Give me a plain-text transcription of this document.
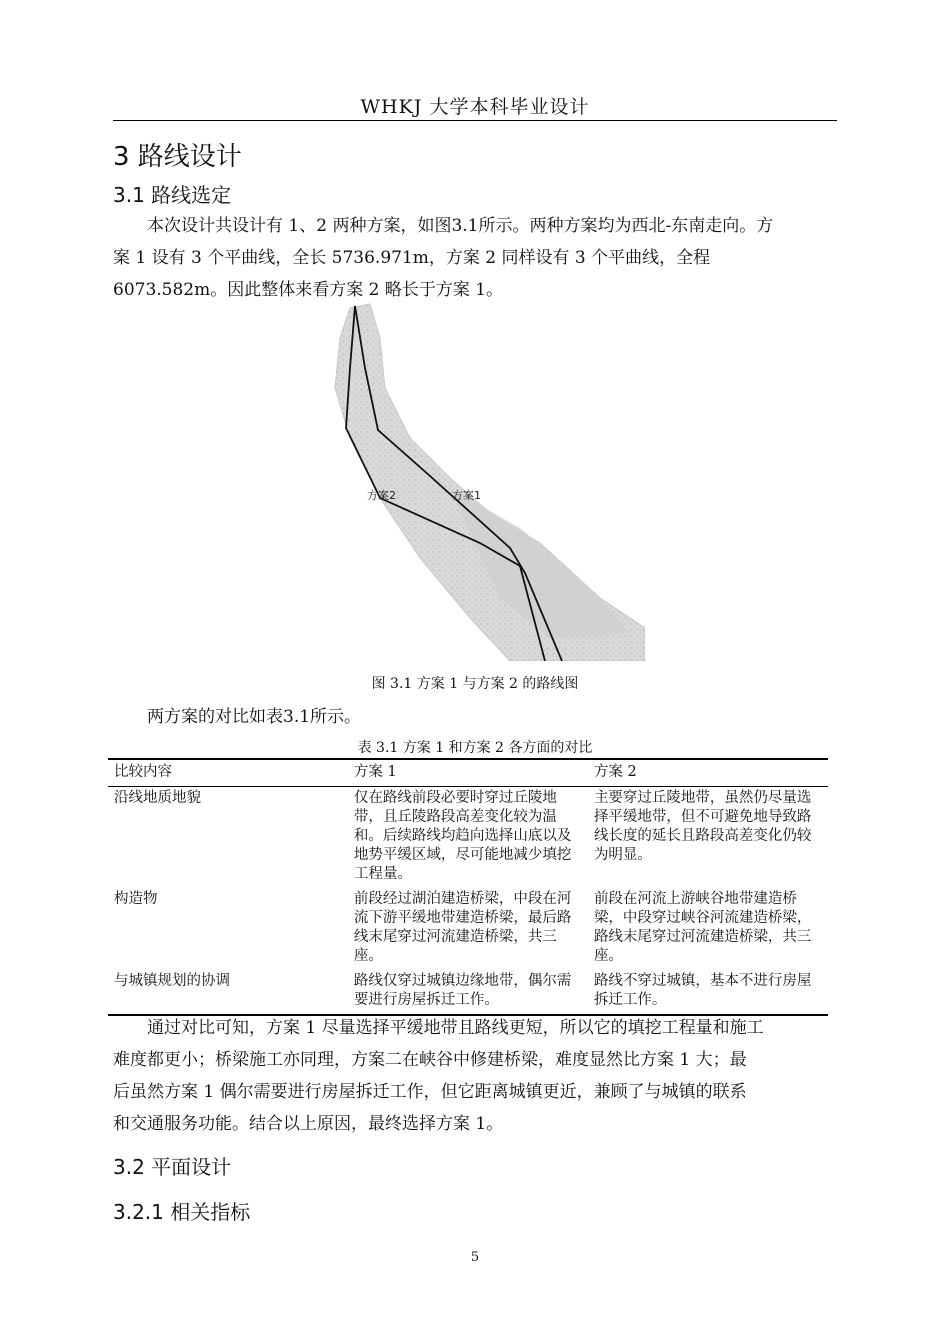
WHKJ 大学本科毕业设计
3 路线设计
3.1 路线选定

本次设计共设计有 1、2 两种方案，如图3.1所示。两种方案均为西北-东南走向。方

案 1 设有 3 个平曲线，全长 5736.971m，方案 2 同样设有 3 个平曲线，全程

6073.582m。因此整体来看方案 2 略长于方案 1。

方案2	方案1
图 3.1 方案 1 与方案 2 的路线图

两方案的对比如表3.1所示。

表 3.1 方案 1 和方案 2 各方面的对比
比较内容	方案 1	方案 2
沿线地质地貌	仅在路线前段必要时穿过丘陵地带，且丘陵路段高差变化较为温和。后续路线均趋向选择山底以及地势平缓区域，尽可能地减少填挖工程量。	主要穿过丘陵地带，虽然仍尽量选择平缓地带，但不可避免地导致路线长度的延长且路段高差变化仍较为明显。
构造物	前段经过湖泊建造桥梁，中段在河流下游平缓地带建造桥梁，最后路线末尾穿过河流建造桥梁，共三座。	前段在河流上游峡谷地带建造桥梁，中段穿过峡谷河流建造桥梁，路线末尾穿过河流建造桥梁，共三座。
与城镇规划的协调	路线仅穿过城镇边缘地带，偶尔需要进行房屋拆迁工作。	路线不穿过城镇，基本不进行房屋拆迁工作。

通过对比可知，方案 1 尽量选择平缓地带且路线更短，所以它的填挖工程量和施工

难度都更小；桥梁施工亦同理，方案二在峡谷中修建桥梁，难度显然比方案 1 大；最

后虽然方案 1 偶尔需要进行房屋拆迁工作，但它距离城镇更近，兼顾了与城镇的联系

和交通服务功能。结合以上原因，最终选择方案 1。

3.2 平面设计
3.2.1 相关指标
5
